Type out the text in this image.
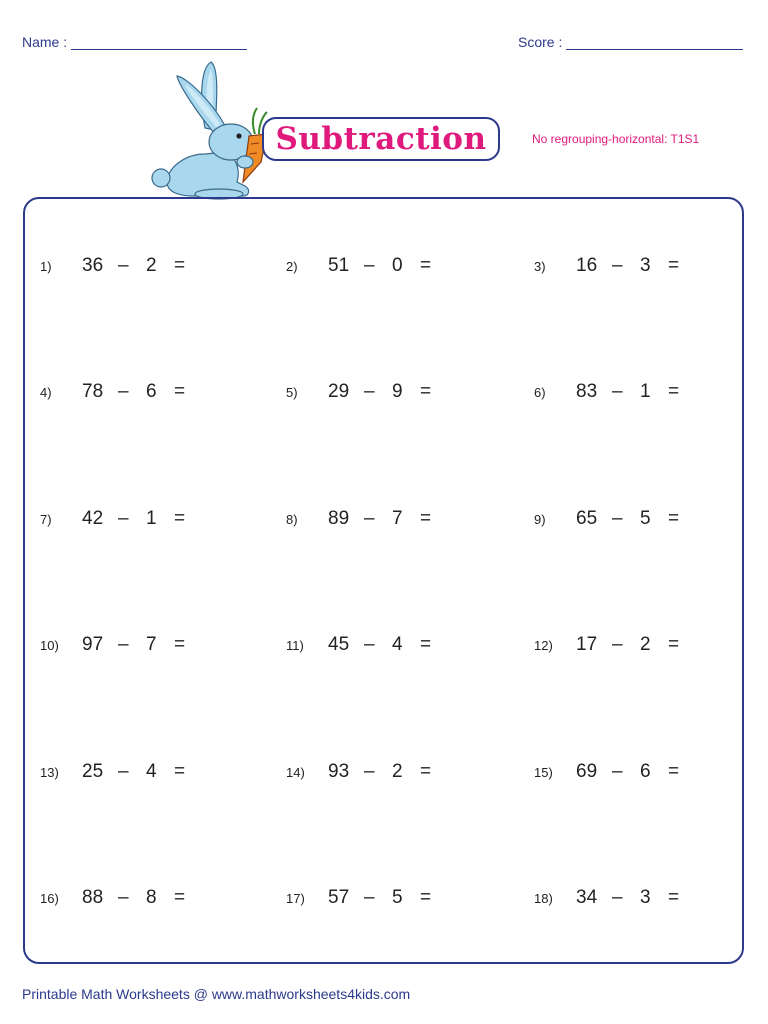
Name :	Score :
Subtraction	No regrouping-horizontal: T1S1
1) 36 – 2 =	2) 51 – 0 =	3) 16 – 3 =
4) 78 – 6 =	5) 29 – 9 =	6) 83 – 1 =
7) 42 – 1 =	8) 89 – 7 =	9) 65 – 5 =
10) 97 – 7 =	11) 45 – 4 =	12) 17 – 2 =
13) 25 – 4 =	14) 93 – 2 =	15) 69 – 6 =
16) 88 – 8 =	17) 57 – 5 =	18) 34 – 3 =
Printable Math Worksheets @ www.mathworksheets4kids.com
